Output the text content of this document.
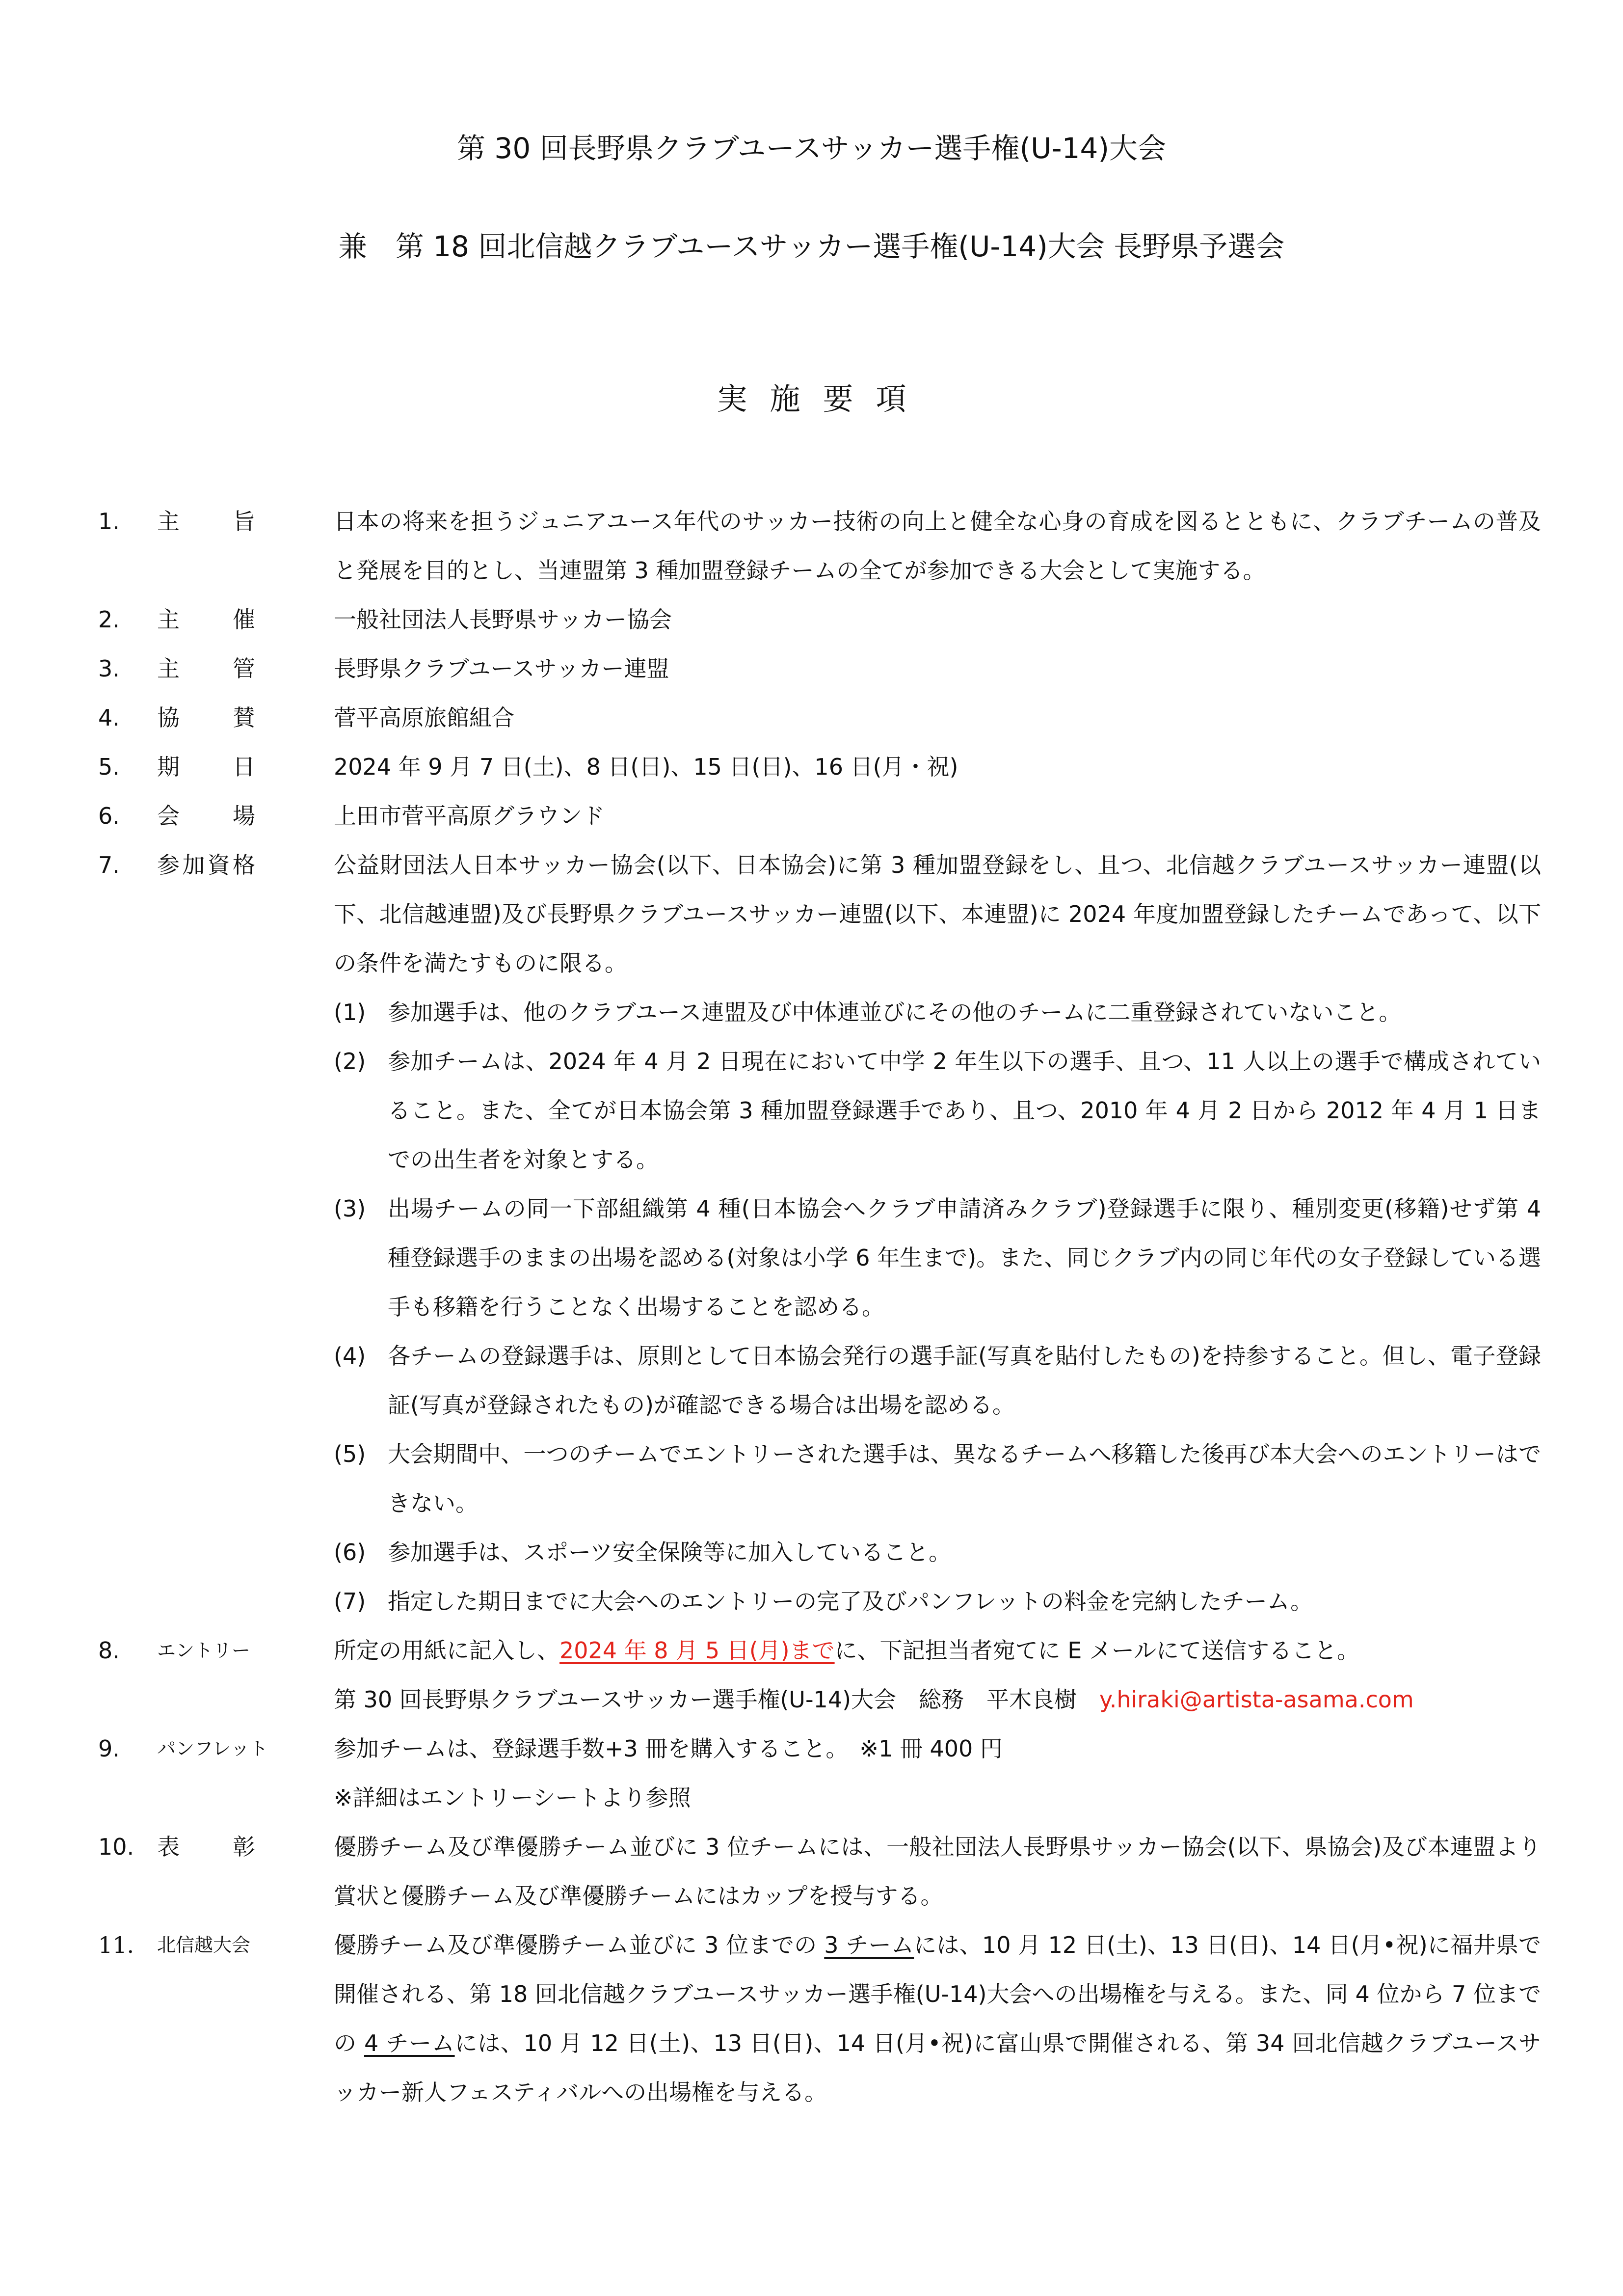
第 30 回長野県クラブユースサッカー選手権(U-14)大会
兼　第 18 回北信越クラブユースサッカー選手権(U-14)大会 長野県予選会
実施要項
1. 主旨	日本の将来を担うジュニアユース年代のサッカー技術の向上と健全な心身の育成を図るとともに、クラブチームの普及と発展を目的とし、当連盟第 3 種加盟登録チームの全てが参加できる大会として実施する。
2. 主催	一般社団法人長野県サッカー協会
3. 主管	長野県クラブユースサッカー連盟
4. 協賛	菅平高原旅館組合
5. 期日	2024 年 9 月 7 日(土)、8 日(日)、15 日(日)、16 日(月・祝)
6. 会場	上田市菅平高原グラウンド
7. 参加資格	公益財団法人日本サッカー協会(以下、日本協会)に第 3 種加盟登録をし、且つ、北信越クラブユースサッカー連盟(以下、北信越連盟)及び長野県クラブユースサッカー連盟(以下、本連盟)に 2024 年度加盟登録したチームであって、以下の条件を満たすものに限る。

(1) 参加選手は、他のクラブユース連盟及び中体連並びにその他のチームに二重登録されていないこと。
(2) 参加チームは、2024 年 4 月 2 日現在において中学 2 年生以下の選手、且つ、11 人以上の選手で構成されていること。また、全てが日本協会第 3 種加盟登録選手であり、且つ、2010 年 4 月 2 日から 2012 年 4 月 1 日までの出生者を対象とする。
(3) 出場チームの同一下部組織第 4 種(日本協会へクラブ申請済みクラブ)登録選手に限り、種別変更(移籍)せず第 4 種登録選手のままの出場を認める(対象は小学 6 年生まで)。また、同じクラブ内の同じ年代の女子登録している選手も移籍を行うことなく出場することを認める。
(4) 各チームの登録選手は、原則として日本協会発行の選手証(写真を貼付したもの)を持参すること。但し、電子登録証(写真が登録されたもの)が確認できる場合は出場を認める。
(5) 大会期間中、一つのチームでエントリーされた選手は、異なるチームへ移籍した後再び本大会へのエントリーはできない。
(6) 参加選手は、スポーツ安全保険等に加入していること。
(7) 指定した期日までに大会へのエントリーの完了及びパンフレットの料金を完納したチーム。
8. エントリー	所定の用紙に記入し、2024 年 8 月 5 日(月)までに、下記担当者宛てに E メールにて送信すること。

第 30 回長野県クラブユースサッカー選手権(U-14)大会　総務　平木良樹　y.hiraki@artista-asama.com

9. パンフレット	参加チームは、登録選手数+3 冊を購入すること。　※1 冊 400 円

※詳細はエントリーシートより参照

10. 表彰	優勝チーム及び準優勝チーム並びに 3 位チームには、一般社団法人長野県サッカー協会(以下、県協会)及び本連盟より賞状と優勝チーム及び準優勝チームにはカップを授与する。
11. 北信越大会	優勝チーム及び準優勝チーム並びに 3 位までの 3 チームには、10 月 12 日(土)、13 日(日)、14 日(月•祝)に福井県で開催される、第 18 回北信越クラブユースサッカー選手権(U-14)大会への出場権を与える。また、同 4 位から 7 位までの 4 チームには、10 月 12 日(土)、13 日(日)、14 日(月•祝)に富山県で開催される、第 34 回北信越クラブユースサッカー新人フェスティバルへの出場権を与える。
